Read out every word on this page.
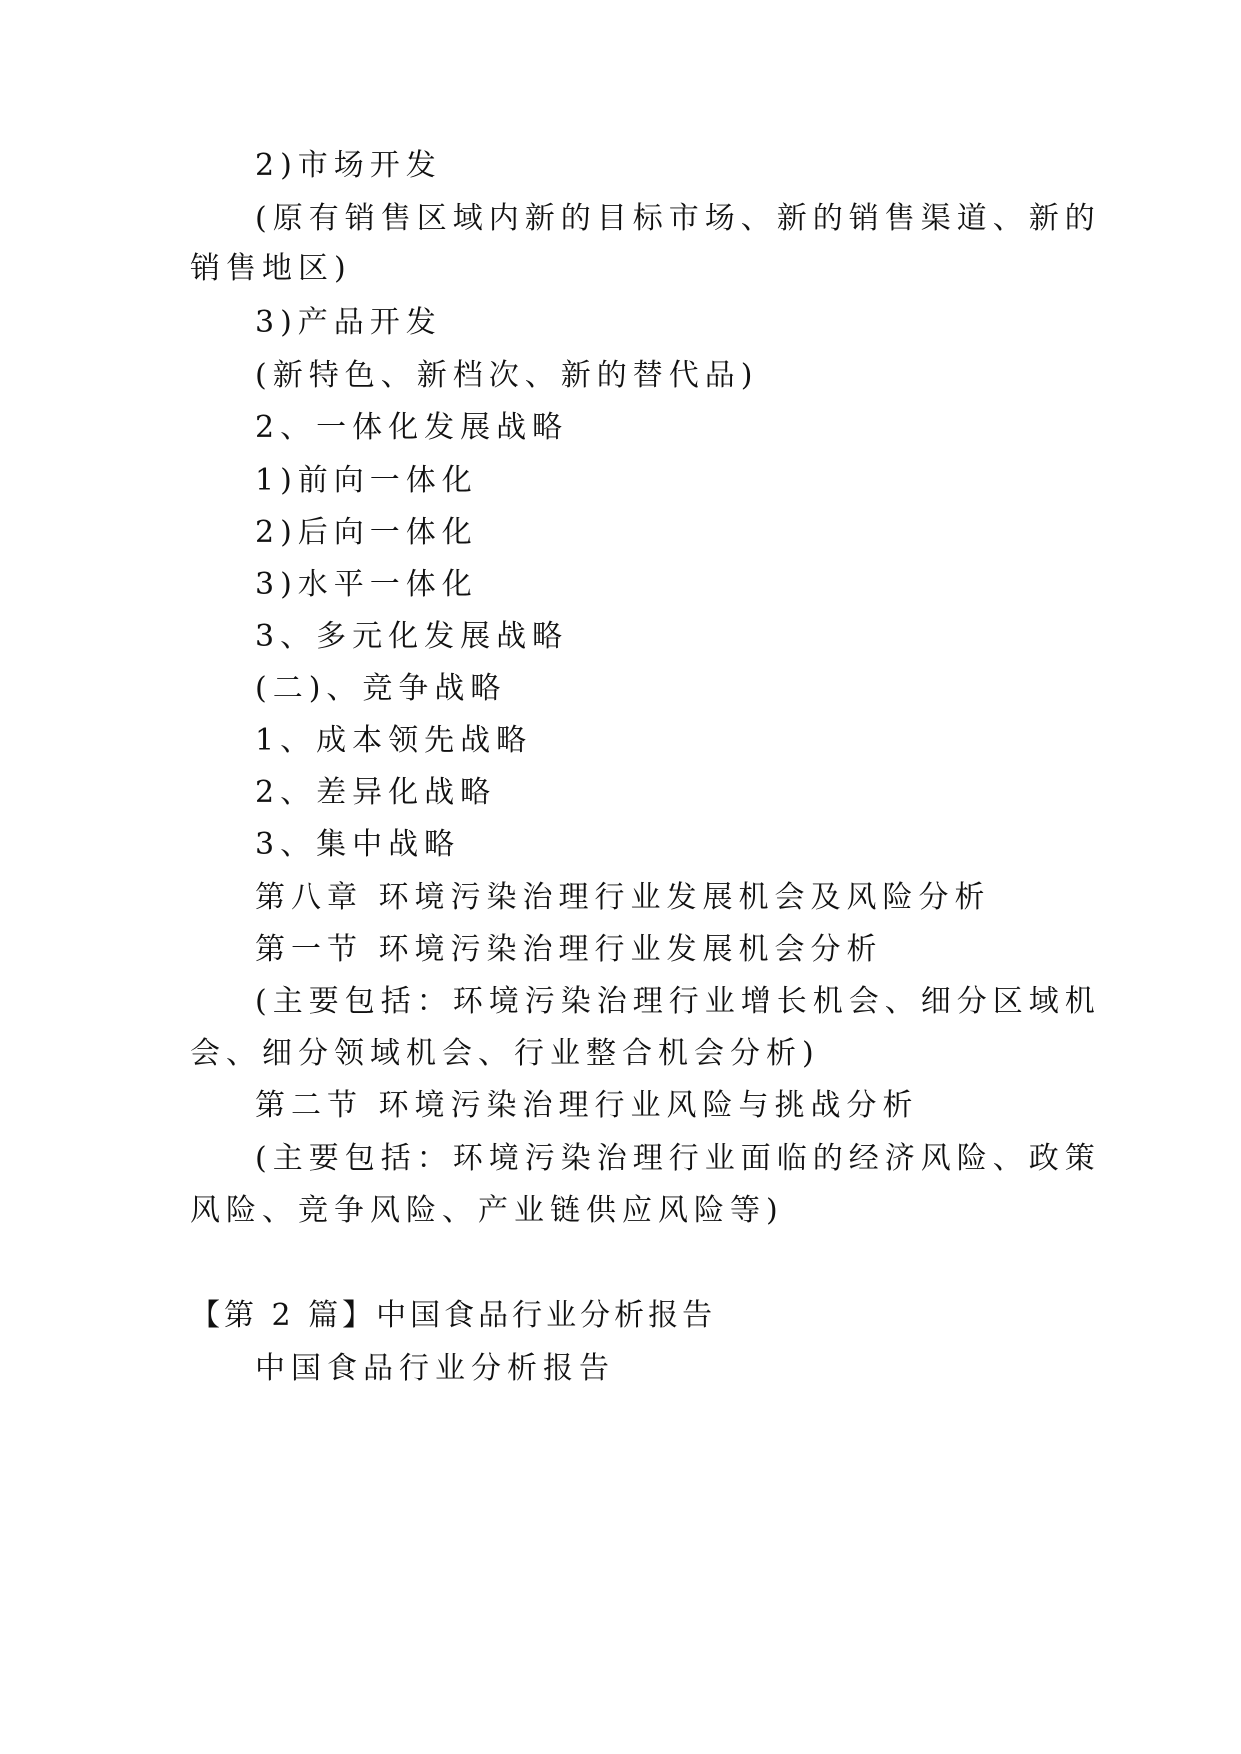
2)市场开发
(原有销售区域内新的目标市场、新的销售渠道、新的
销售地区)
3)产品开发
(新特色、新档次、新的替代品)
2、一体化发展战略
1)前向一体化
2)后向一体化
3)水平一体化
3、多元化发展战略
(二)、竞争战略
1、成本领先战略
2、差异化战略
3、集中战略
第八章 环境污染治理行业发展机会及风险分析
第一节 环境污染治理行业发展机会分析
(主要包括：环境污染治理行业增长机会、细分区域机
会、细分领域机会、行业整合机会分析)
第二节 环境污染治理行业风险与挑战分析
(主要包括：环境污染治理行业面临的经济风险、政策
风险、竞争风险、产业链供应风险等)
【第 2 篇】中国食品行业分析报告
中国食品行业分析报告
